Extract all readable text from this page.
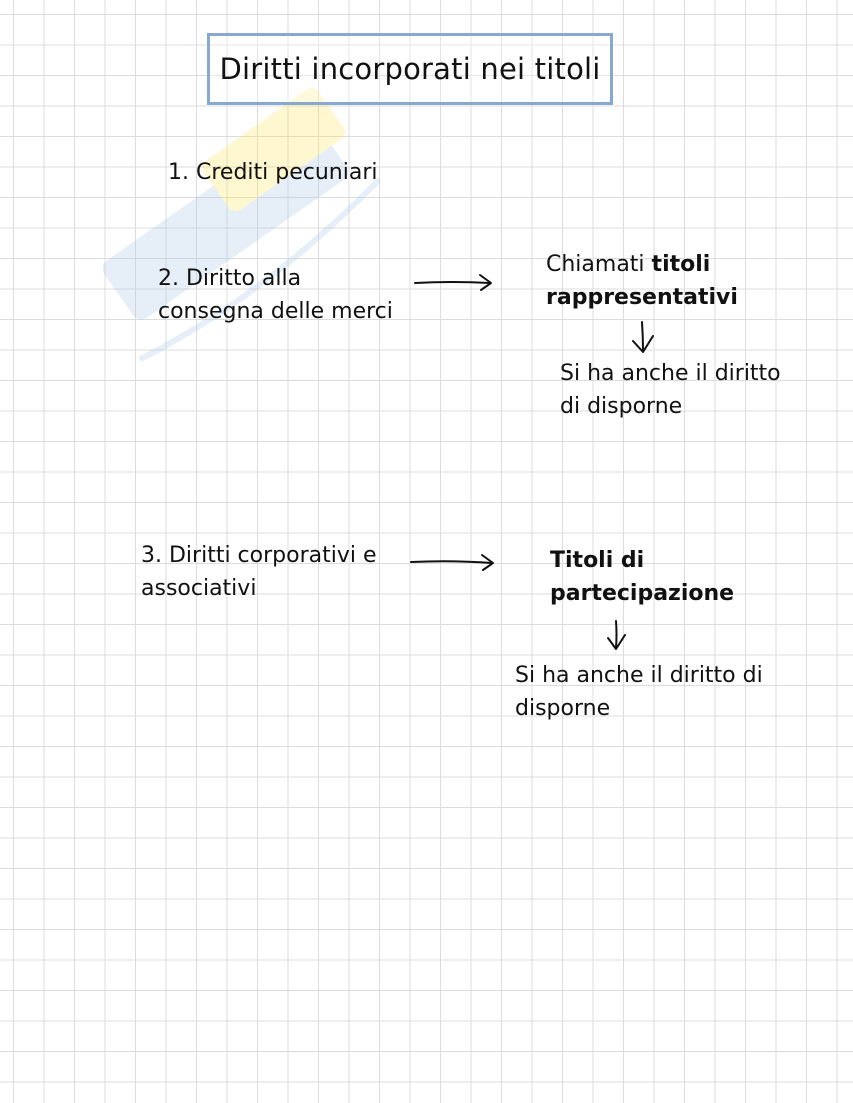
Diritti incorporati nei titoli
1. Crediti pecuniari
2. Diritto alla
consegna delle merci
Chiamati titoli
rappresentativi
Si ha anche il diritto
di disporne
3. Diritti corporativi e
associativi
Titoli di
partecipazione
Si ha anche il diritto di
disporne
